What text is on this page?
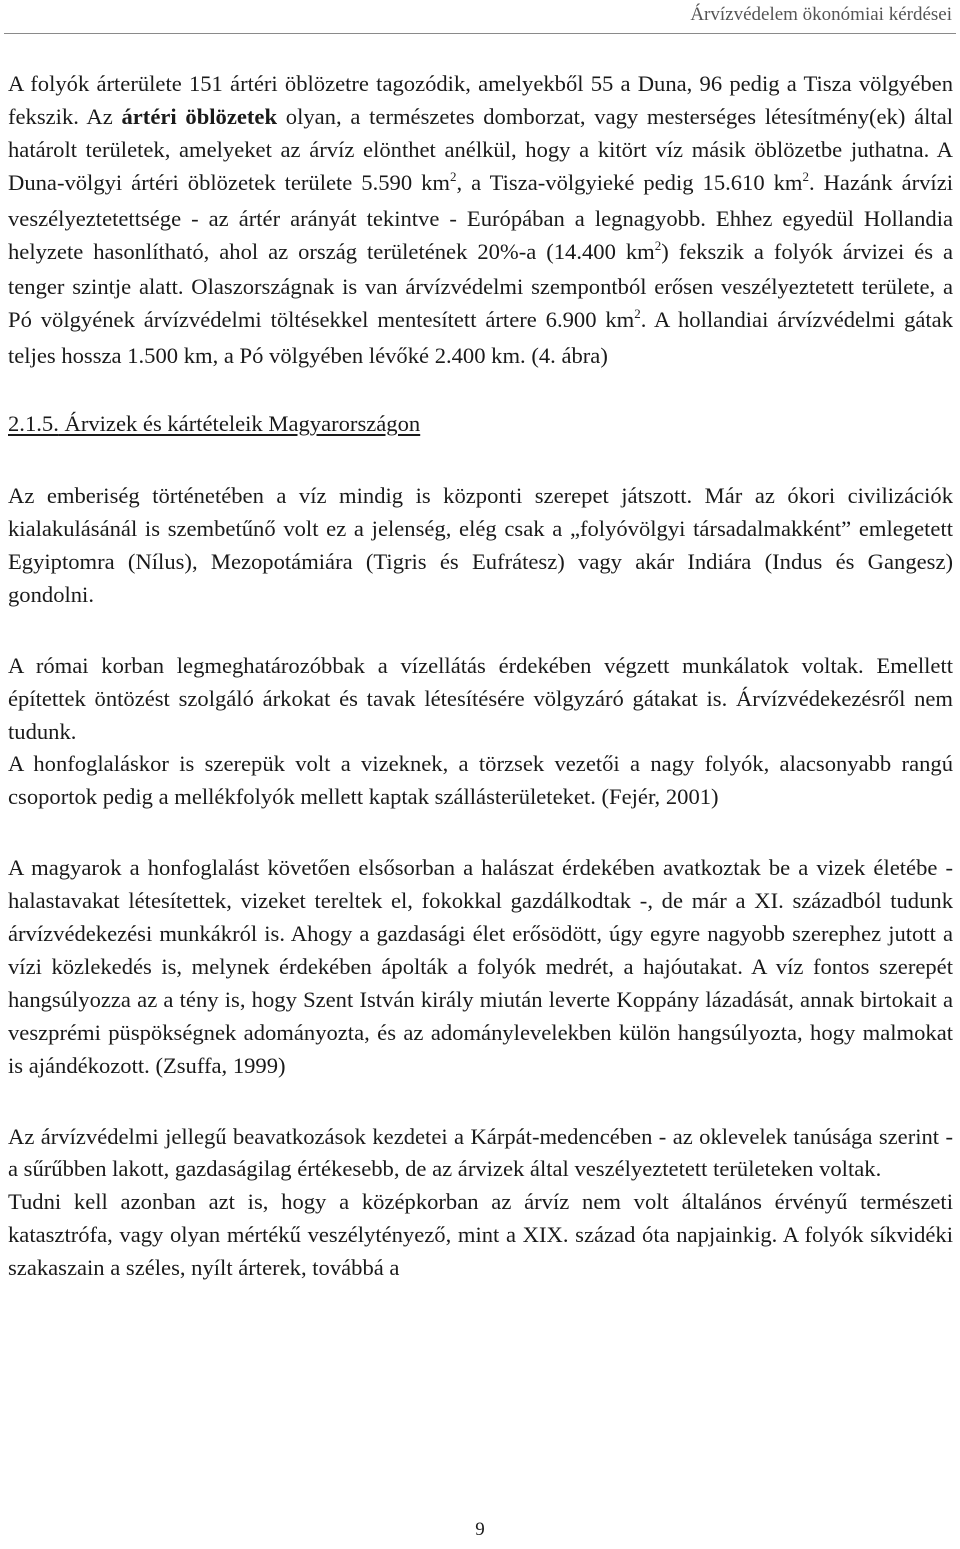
Árvízvédelem ökonómiai kérdései

A folyók árterülete 151 ártéri öblözetre tagozódik, amelyekből 55 a Duna, 96 pedig a Tisza völgyében fekszik. Az ártéri öblözetek olyan, a természetes domborzat, vagy mesterséges létesítmény(ek) által határolt területek, amelyeket az árvíz elönthet anélkül, hogy a kitört víz másik öblözetbe juthatna. A Duna-völgyi ártéri öblözetek területe 5.590 $km^2$, a Tisza-völgyieké pedig 15.610 $km^2$. Hazánk árvízi veszélyeztetettsége - az ártér arányát tekintve - Európában a legnagyobb. Ehhez egyedül Hollandia helyzete hasonlítható, ahol az ország területének 20%-a (14.400 $km^2$) fekszik a folyók árvizei és a tenger szintje alatt. Olaszországnak is van árvízvédelmi szempontból erősen veszélyeztetett területe, a Pó völgyének árvízvédelmi töltésekkel mentesített ártere 6.900 $km^2$. A hollandiai árvízvédelmi gátak teljes hossza 1.500 km, a Pó völgyében lévőké 2.400 km. (4. ábra)

2.1.5. Árvizek és kártételeik Magyarországon

Az emberiség történetében a víz mindig is központi szerepet játszott. Már az ókori civilizációk kialakulásánál is szembetűnő volt ez a jelenség, elég csak a „folyóvölgyi társadalmakként” emlegetett Egyiptomra (Nílus), Mezopotámiára (Tigris és Eufrátesz) vagy akár Indiára (Indus és Gangesz) gondolni.

A római korban legmeghatározóbbak a vízellátás érdekében végzett munkálatok voltak. Emellett építettek öntözést szolgáló árkokat és tavak létesítésére völgyzáró gátakat is. Árvízvédekezésről nem tudunk.

A honfoglaláskor is szerepük volt a vizeknek, a törzsek vezetői a nagy folyók, alacsonyabb rangú csoportok pedig a mellékfolyók mellett kaptak szállásterületeket. (Fejér, 2001)

A magyarok a honfoglalást követően elsősorban a halászat érdekében avatkoztak be a vizek életébe - halastavakat létesítettek, vizeket tereltek el, fokokkal gazdálkodtak -, de már a XI. századból tudunk árvízvédekezési munkákról is. Ahogy a gazdasági élet erősödött, úgy egyre nagyobb szerephez jutott a vízi közlekedés is, melynek érdekében ápolták a folyók medrét, a hajóutakat. A víz fontos szerepét hangsúlyozza az a tény is, hogy Szent István király miután leverte Koppány lázadását, annak birtokait a veszprémi püspökségnek adományozta, és az adománylevelekben külön hangsúlyozta, hogy malmokat is ajándékozott. (Zsuffa, 1999)

Az árvízvédelmi jellegű beavatkozások kezdetei a Kárpát-medencében - az oklevelek tanúsága szerint - a sűrűbben lakott, gazdaságilag értékesebb, de az árvizek által veszélyeztetett területeken voltak.

Tudni kell azonban azt is, hogy a középkorban az árvíz nem volt általános érvényű természeti katasztrófa, vagy olyan mértékű veszélytényező, mint a XIX. század óta napjainkig. A folyók síkvidéki szakaszain a széles, nyílt árterek, továbbá a

9
